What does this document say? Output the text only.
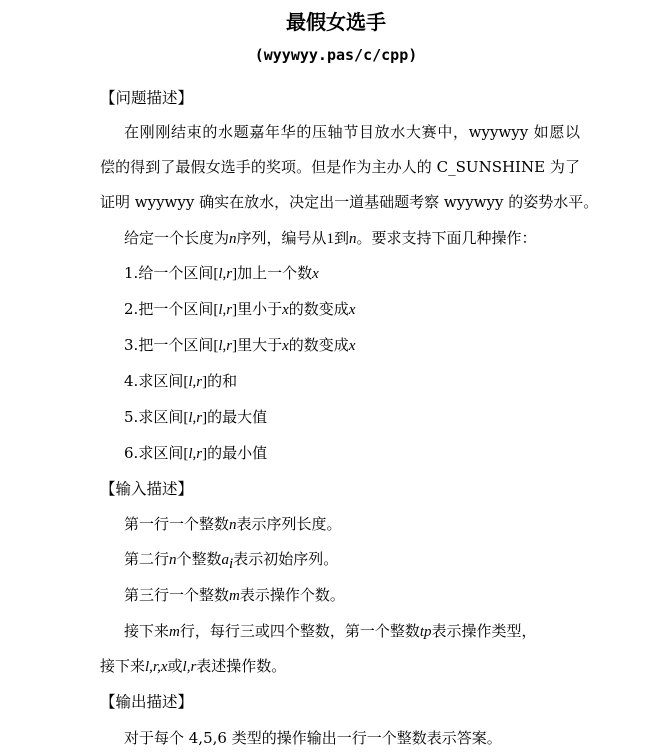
最假女选手
(wyywyy.pas/c/cpp)
【问题描述】
在刚刚结束的水题嘉年华的压轴节目放水大赛中，wyywyy 如愿以
偿的得到了最假女选手的奖项。但是作为主办人的 C_SUNSHINE 为了
证明 wyywyy 确实在放水，决定出一道基础题考察 wyywyy 的姿势水平。
给定一个长度为n序列，编号从1到n。要求支持下面几种操作：
1.给一个区间[l,r]加上一个数x
2.把一个区间[l,r]里小于x的数变成x
3.把一个区间[l,r]里大于x的数变成x
4.求区间[l,r]的和
5.求区间[l,r]的最大值
6.求区间[l,r]的最小值
【输入描述】
第一行一个整数n表示序列长度。
第二行n个整数$a_i$表示初始序列。
第三行一个整数m表示操作个数。
接下来m行，每行三或四个整数，第一个整数tp表示操作类型，
接下来l,r,x或l,r表述操作数。
【输出描述】
对于每个 4,5,6 类型的操作输出一行一个整数表示答案。
